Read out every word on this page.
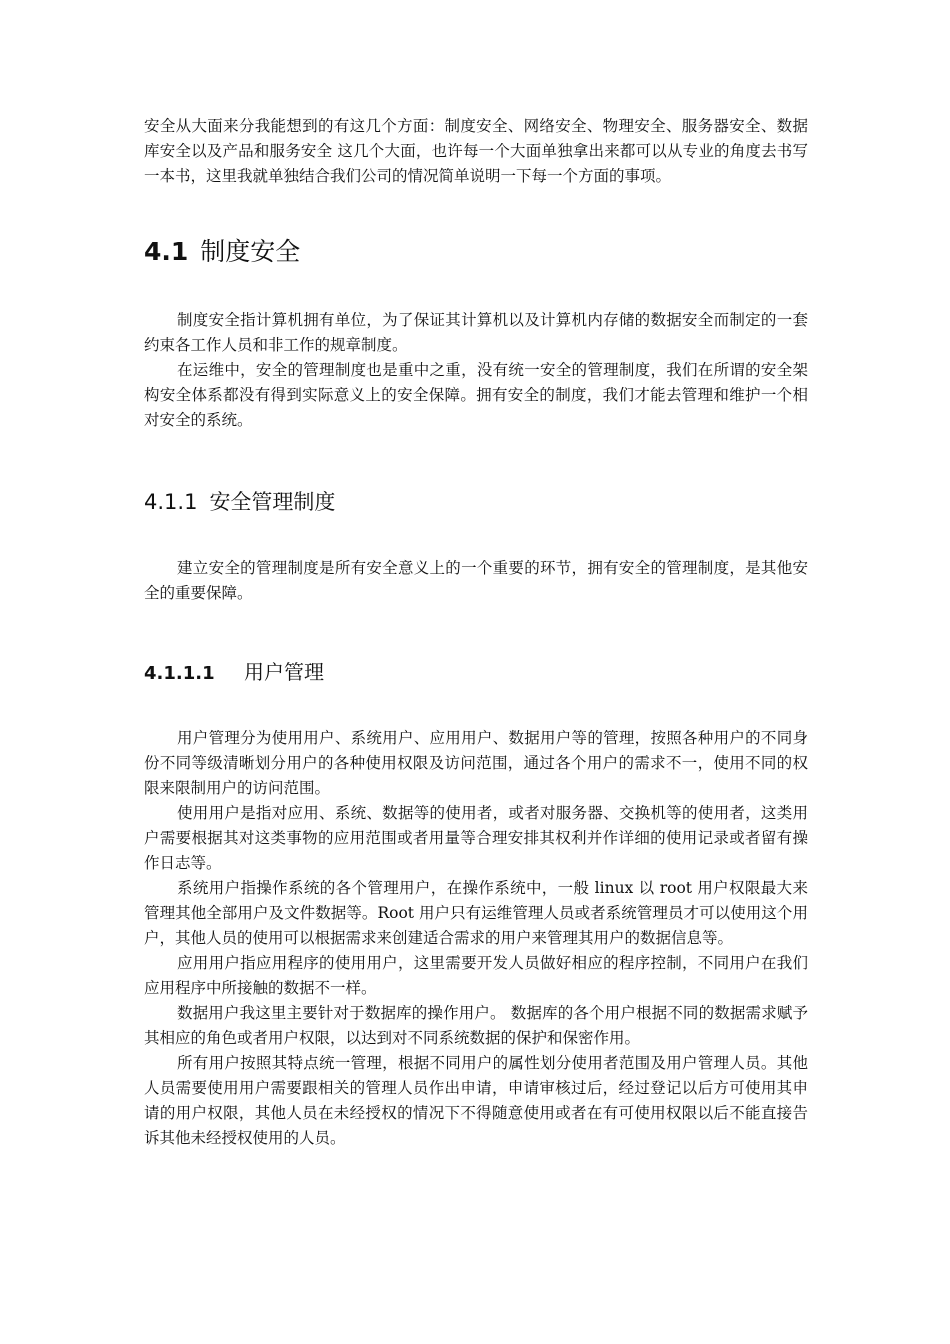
安全从大面来分我能想到的有这几个方面：制度安全、网络安全、物理安全、服务器安全、数据库安全以及产品和服务安全 这几个大面，也许每一个大面单独拿出来都可以从专业的角度去书写一本书，这里我就单独结合我们公司的情况简单说明一下每一个方面的事项。

4.1 制度安全

制度安全指计算机拥有单位，为了保证其计算机以及计算机内存储的数据安全而制定的一套约束各工作人员和非工作的规章制度。

在运维中，安全的管理制度也是重中之重，没有统一安全的管理制度，我们在所谓的安全架构安全体系都没有得到实际意义上的安全保障。拥有安全的制度，我们才能去管理和维护一个相对安全的系统。

4.1.1 安全管理制度

建立安全的管理制度是所有安全意义上的一个重要的环节，拥有安全的管理制度，是其他安全的重要保障。

4.1.1.1 用户管理

用户管理分为使用用户、系统用户、应用用户、数据用户等的管理，按照各种用户的不同身份不同等级清晰划分用户的各种使用权限及访问范围，通过各个用户的需求不一，使用不同的权限来限制用户的访问范围。

使用用户是指对应用、系统、数据等的使用者，或者对服务器、交换机等的使用者，这类用户需要根据其对这类事物的应用范围或者用量等合理安排其权利并作详细的使用记录或者留有操作日志等。

系统用户指操作系统的各个管理用户，在操作系统中，一般 linux 以 root 用户权限最大来管理其他全部用户及文件数据等。Root 用户只有运维管理人员或者系统管理员才可以使用这个用户，其他人员的使用可以根据需求来创建适合需求的用户来管理其用户的数据信息等。

应用用户指应用程序的使用用户，这里需要开发人员做好相应的程序控制，不同用户在我们应用程序中所接触的数据不一样。

数据用户我这里主要针对于数据库的操作用户。 数据库的各个用户根据不同的数据需求赋予其相应的角色或者用户权限，以达到对不同系统数据的保护和保密作用。

所有用户按照其特点统一管理，根据不同用户的属性划分使用者范围及用户管理人员。其他人员需要使用用户需要跟相关的管理人员作出申请，申请审核过后，经过登记以后方可使用其申请的用户权限，其他人员在未经授权的情况下不得随意使用或者在有可使用权限以后不能直接告诉其他未经授权使用的人员。
